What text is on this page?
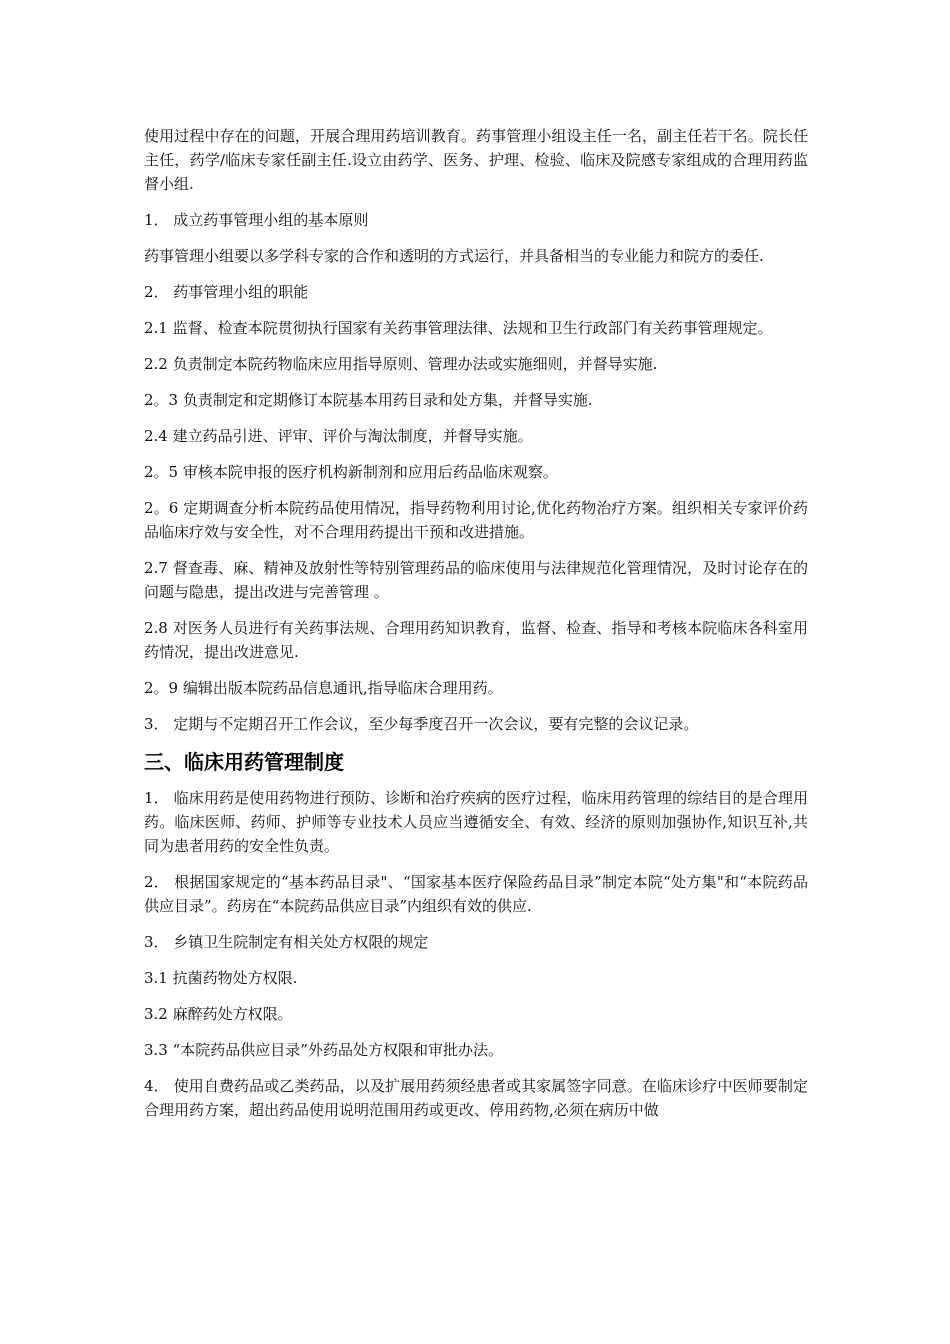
使用过程中存在的问题，开展合理用药培训教育。药事管理小组设主任一名，副主任若干名。院长任主任，药学/临床专家任副主任.设立由药学、医务、护理、检验、临床及院感专家组成的合理用药监督小组.

1． 成立药事管理小组的基本原则

药事管理小组要以多学科专家的合作和透明的方式运行，并具备相当的专业能力和院方的委任.

2． 药事管理小组的职能

2.1 监督、检查本院贯彻执行国家有关药事管理法律、法规和卫生行政部门有关药事管理规定。

2.2 负责制定本院药物临床应用指导原则、管理办法或实施细则，并督导实施.

2。3 负责制定和定期修订本院基本用药目录和处方集，并督导实施.

2.4 建立药品引进、评审、评价与淘汰制度，并督导实施。

2。5 审核本院申报的医疗机构新制剂和应用后药品临床观察。

2。6 定期调查分析本院药品使用情况，指导药物利用讨论,优化药物治疗方案。组织相关专家评价药品临床疗效与安全性，对不合理用药提出干预和改进措施。

2.7 督查毒、麻、精神及放射性等特别管理药品的临床使用与法律规范化管理情况，及时讨论存在的问题与隐患，提出改进与完善管理 。

2.8 对医务人员进行有关药事法规、合理用药知识教育，监督、检查、指导和考核本院临床各科室用药情况，提出改进意见.

2。9 编辑出版本院药品信息通讯,指导临床合理用药。

3． 定期与不定期召开工作会议，至少每季度召开一次会议，要有完整的会议记录。

三、临床用药管理制度

1． 临床用药是使用药物进行预防、诊断和治疗疾病的医疗过程，临床用药管理的综结目的是合理用药。临床医师、药师、护师等专业技术人员应当遵循安全、有效、经济的原则加强协作,知识互补,共同为患者用药的安全性负责。

2． 根据国家规定的“基本药品目录"、“国家基本医疗保险药品目录”制定本院“处方集"和“本院药品供应目录”。药房在“本院药品供应目录”内组织有效的供应.

3． 乡镇卫生院制定有相关处方权限的规定

3.1 抗菌药物处方权限.

3.2 麻醉药处方权限。

3.3 “本院药品供应目录”外药品处方权限和审批办法。

4． 使用自费药品或乙类药品，以及扩展用药须经患者或其家属签字同意。在临床诊疗中医师要制定合理用药方案，超出药品使用说明范围用药或更改、停用药物,必须在病历中做
